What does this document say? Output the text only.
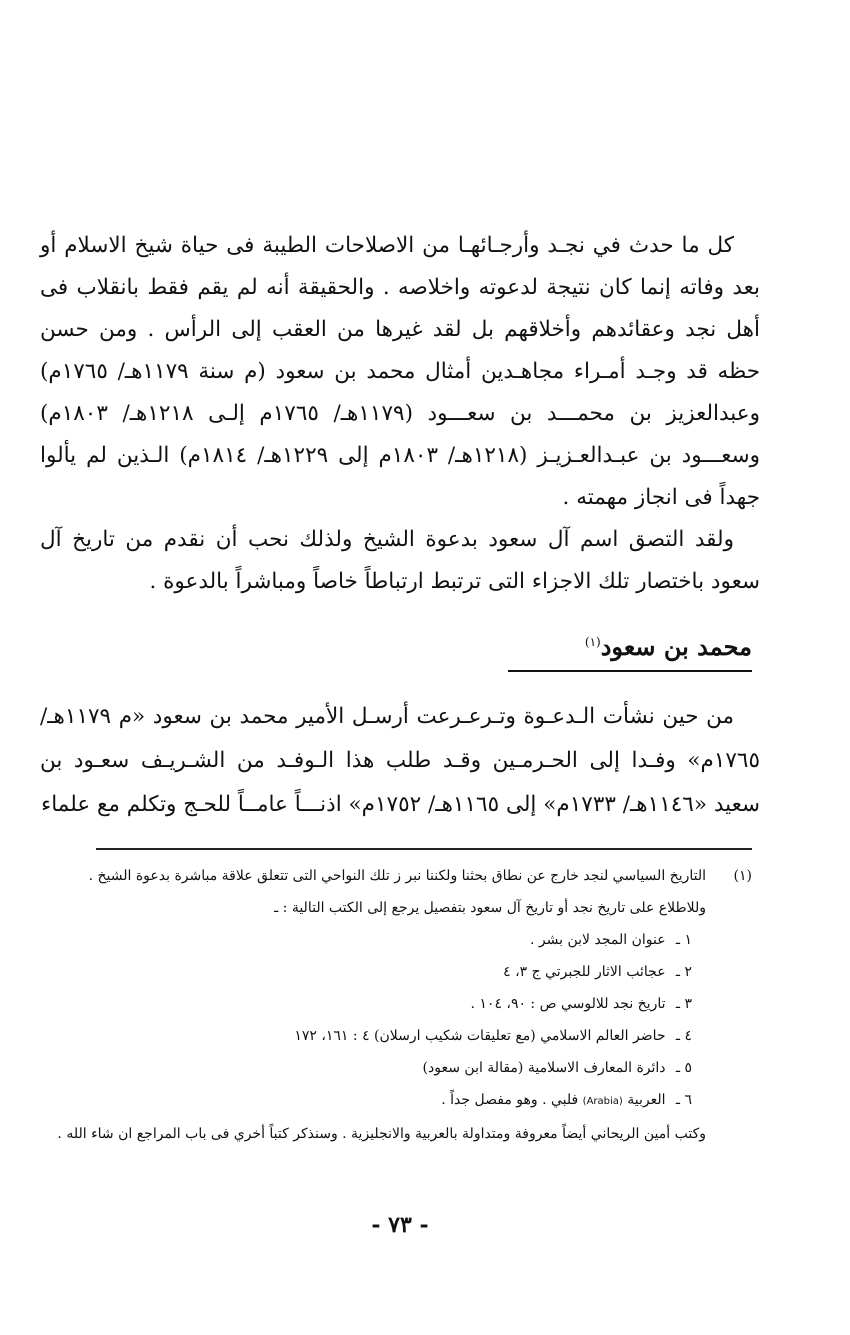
كل ما حدث في نجـد وأرجـائهـا من الاصلاحات الطيبة فى حياة شيخ الاسلام أو بعد وفاته إنما كان نتيجة لدعوته واخلاصه . والحقيقة أنه لم يقم فقط بانقلاب فى أهل نجد وعقائدهم وأخلاقهم بل لقد غيرها من العقب إلى الرأس . ومن حسن حظه قد وجـد أمـراء مجاهـدين أمثال محمد بن سعود (م سنة ١١٧٩هـ/ ١٧٦٥م) وعبدالعزيز بن محمـــد بن سعـــود (١١٧٩هـ/ ١٧٦٥م إلـى ١٢١٨هـ/ ١٨٠٣م) وسعـــود بن عبـدالعـزيـز (١٢١٨هـ/ ١٨٠٣م إلى ١٢٢٩هـ/ ١٨١٤م) الـذين لم يألوا جهداً فى انجاز مهمته .

ولقد التصق اسم آل سعود بدعوة الشيخ ولذلك نحب أن نقدم من تاريخ آل سعود باختصار تلك الاجزاء التى ترتبط ارتباطاً خاصاً ومباشراً بالدعوة .

محمد بن سعود$^{(١)}$

من حين نشأت الـدعـوة وتـرعـرعت أرسـل الأمير محمد بن سعود «م ١١٧٩هـ/ ١٧٦٥م» وفـدا إلى الحـرمـين وقـد طلب هذا الـوفـد من الشـريـف سعـود بن سعيد «١١٤٦هـ/ ١٧٣٣م» إلى ١١٦٥هـ/ ١٧٥٢م» اذنـــاً عامــاً للحـج وتكلم مع علماء

(١)
التاريخ السياسي لنجد خارج عن نطاق بحثنا ولكننا نبر ز تلك النواحي التى تتعلق علاقة مباشرة بدعوة الشيخ .

وللاطلاع على تاريخ نجد أو تاريخ آل سعود بتفصيل يرجع إلى الكتب التالية : ـ

١ ـ عنوان المجد لابن بشر .
٢ ـ عجائب الاثار للجبرتي ج ٣، ٤
٣ ـ تاريخ نجد للالوسي ص : ٩٠، ١٠٤ .
٤ ـ حاضر العالم الاسلامي (مع تعليقات شكيب ارسلان) ٤ : ١٦١، ١٧٢
٥ ـ دائرة المعارف الاسلامية (مقالة ابن سعود)
٦ ـ العربية (Arabia) فلبي . وهو مفصل جداً .

وكتب أمين الريحاني أيضاً معروفة ومتداولة بالعربية والانجليزية . وسنذكر كتباً أخري فى باب المراجع ان شاء الله .

- ٧٣ -
